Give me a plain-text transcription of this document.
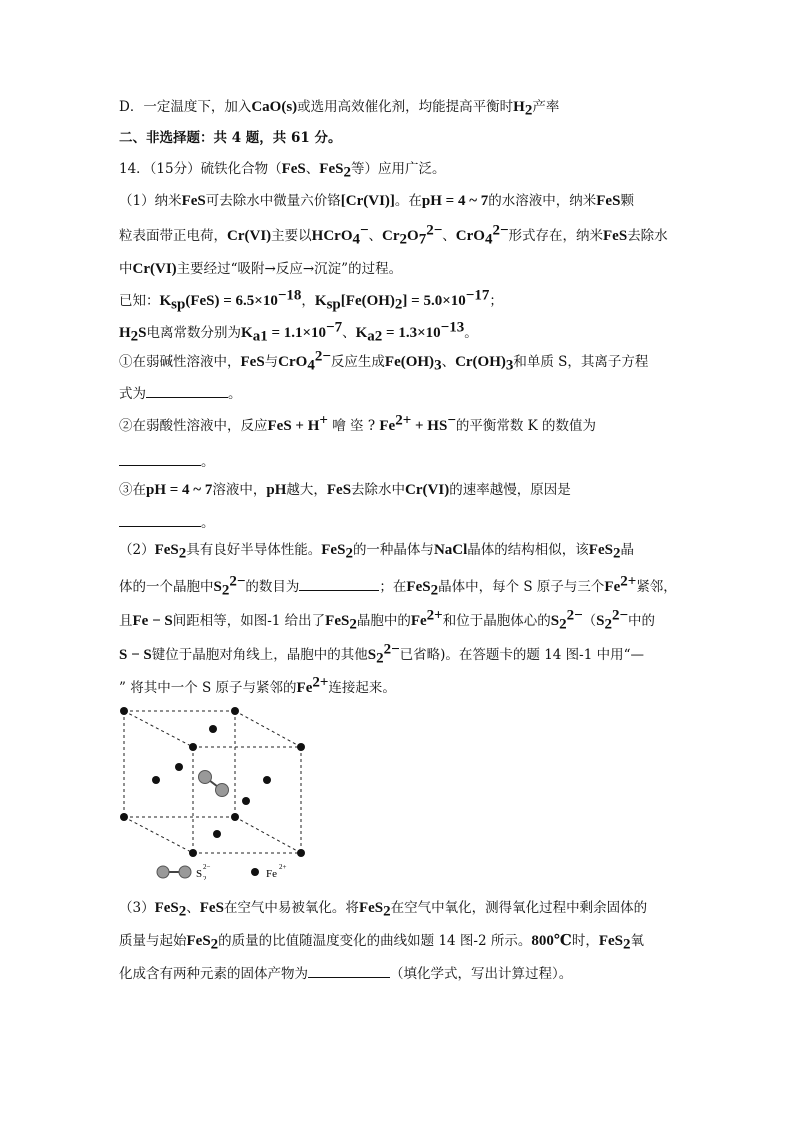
D．一定温度下，加入CaO(s)或选用高效催化剂，均能提高平衡时$H_2$产率
二、非选择题：共 4 题，共 61 分。
14．（15分）硫铁化合物（FeS、FeS$_2$等）应用广泛。
（1）纳米FeS可去除水中微量六价铬[Cr(VI)]。在pH = 4 ~ 7的水溶液中，纳米FeS颗
粒表面带正电荷，Cr(VI)主要以HCrO$_4$−、$Cr_2O_7^{2-}$、CrO$_4^{2-}$形式存在，纳米FeS去除水
中Cr(VI)主要经过“吸附→反应→沉淀”的过程。
已知：$K_{sp}(FeS) = 6.5\times 10^{-18}$，$K_{sp}[Fe(OH)_2] = 5.0\times 10^{-17}$；
$H_2S$电离常数分别为$K_{a1} = 1.1\times 10^{-7}$、$K_{a2} = 1.3\times 10^{-13}$。
①在弱碱性溶液中，FeS与CrO$_4^{2-}$反应生成$Fe(OH)_3$、$Cr(OH)_3$和单质 S，其离子方程
式为	。
②在弱酸性溶液中，反应FeS + H+ 噲 垐 ? $Fe^{2+} + HS^-$的平衡常数 K 的数值为
。
③在pH = 4 ~ 7溶液中，pH越大，FeS去除水中Cr(VI)的速率越慢，原因是
。
（2）FeS$_2$具有良好半导体性能。FeS$_2$的一种晶体与NaCl晶体的结构相似，该FeS$_2$晶
体的一个晶胞中$S_2^{2-}$的数目为	；在FeS$_2$晶体中，每个 S 原子与三个$Fe^{2+}$紧邻，
且Fe − S间距相等，如图-1 给出了FeS$_2$晶胞中的$Fe^{2+}$和位于晶胞体心的$S_2^{2-}(S_2^{2-}$中的
S − S键位于晶胞对角线上，晶胞中的其他$S_2^{2-}$已省略)。在答题卡的题 14 图-1 中用“—
” 将其中一个 S 原子与紧邻的$Fe^{2+}$连接起来。
S 2
2−
Fe
2+
（3）FeS$_2$、FeS在空气中易被氧化。将FeS$_2$在空气中氧化，测得氧化过程中剩余固体的
质量与起始FeS$_2$的质量的比值随温度变化的曲线如题 14 图-2 所示。800℃时，FeS$_2$氧
化成含有两种元素的固体产物为	（填化学式，写出计算过程）。
